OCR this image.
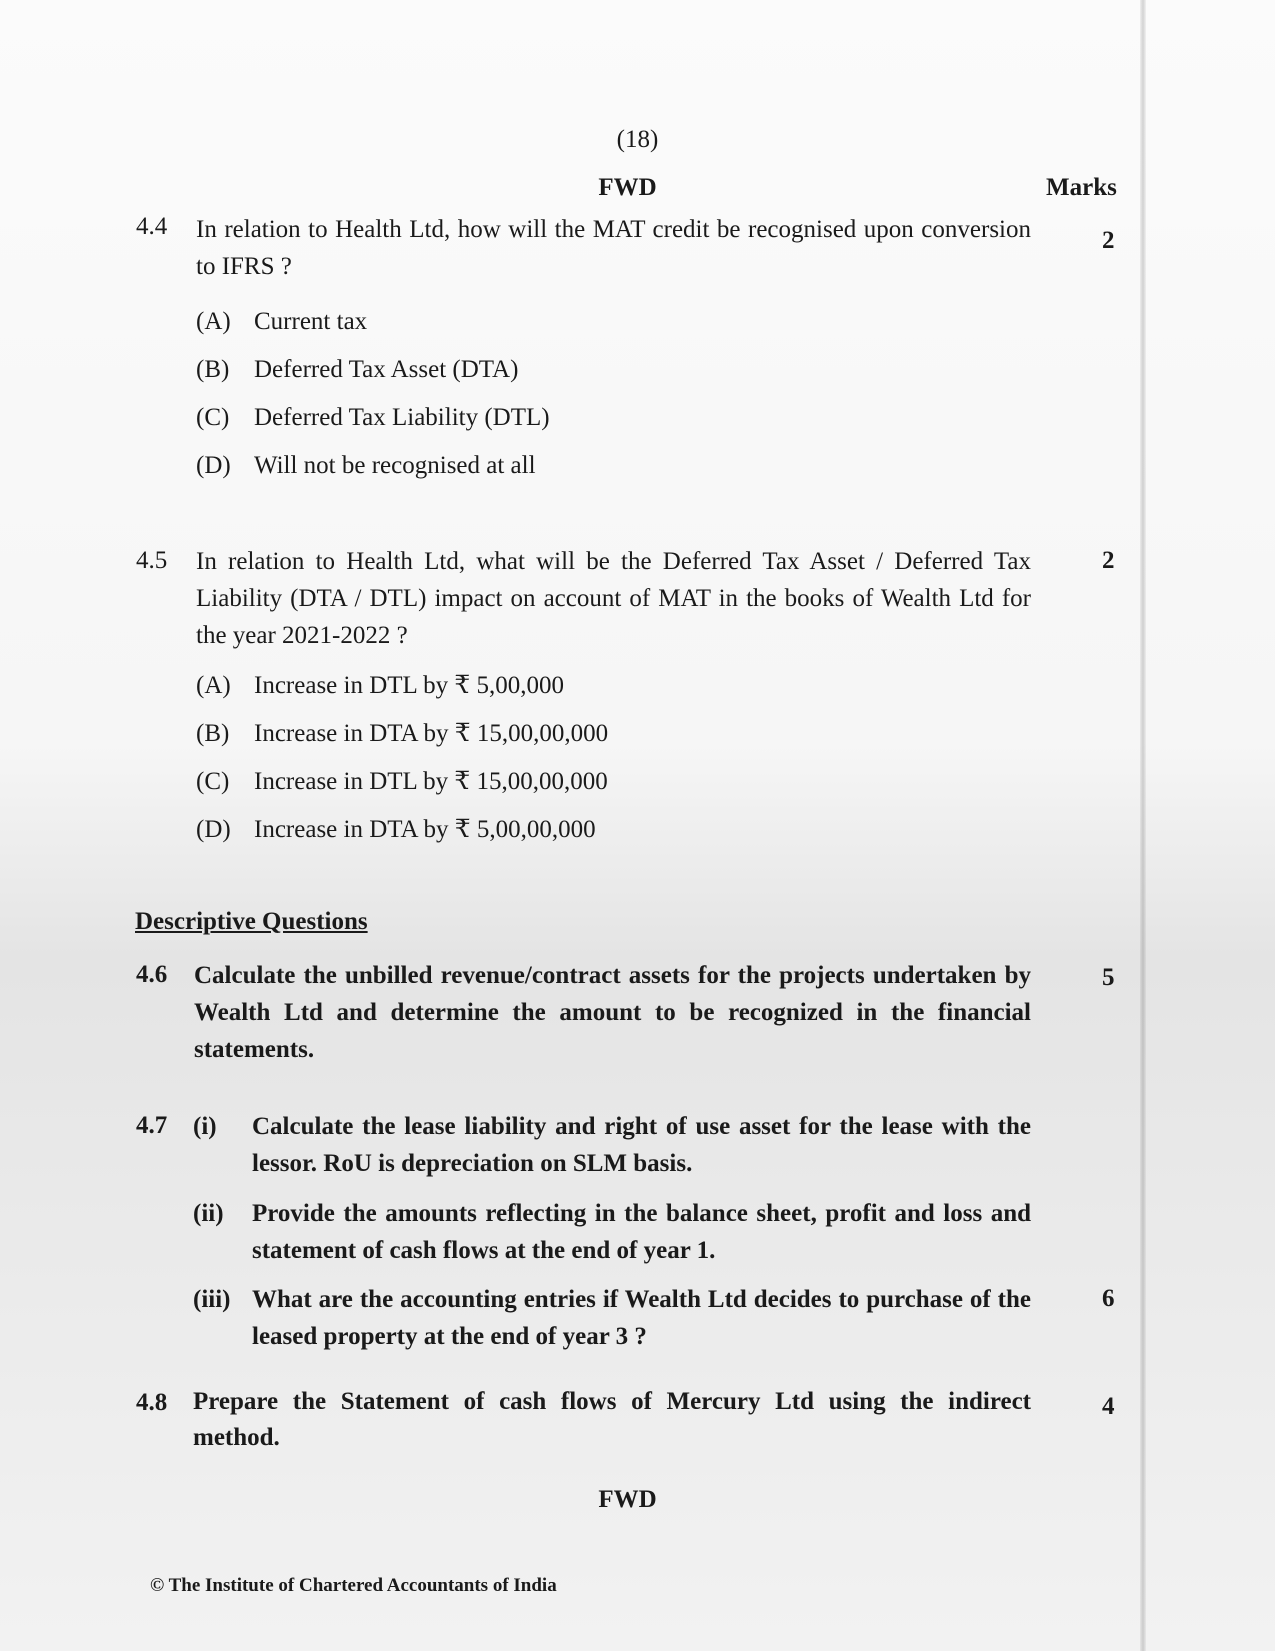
(18)
FWD	Marks
4.4 In relation to Health Ltd, how will the MAT credit be recognised upon conversion to IFRS ?
2
(A) Current tax
(B) Deferred Tax Asset (DTA)
(C) Deferred Tax Liability (DTL)
(D) Will not be recognised at all
4.5 In relation to Health Ltd, what will be the Deferred Tax Asset / Deferred Tax Liability (DTA / DTL) impact on account of MAT in the books of Wealth Ltd for the year 2021-2022 ?
2
(A) Increase in DTL by ₹ 5,00,000
(B) Increase in DTA by ₹ 15,00,00,000
(C) Increase in DTL by ₹ 15,00,00,000
(D) Increase in DTA by ₹ 5,00,00,000
Descriptive Questions
4.6 Calculate the unbilled revenue/contract assets for the projects undertaken by Wealth Ltd and determine the amount to be recognized in the financial statements.
5
4.7 (i) Calculate the lease liability and right of use asset for the lease with the lessor. RoU is depreciation on SLM basis.
(ii) Provide the amounts reflecting in the balance sheet, profit and loss and statement of cash flows at the end of year 1.
(iii) What are the accounting entries if Wealth Ltd decides to purchase of the leased property at the end of year 3 ?
6
4.8 Prepare the Statement of cash flows of Mercury Ltd using the indirect method.
4
FWD
© The Institute of Chartered Accountants of India
